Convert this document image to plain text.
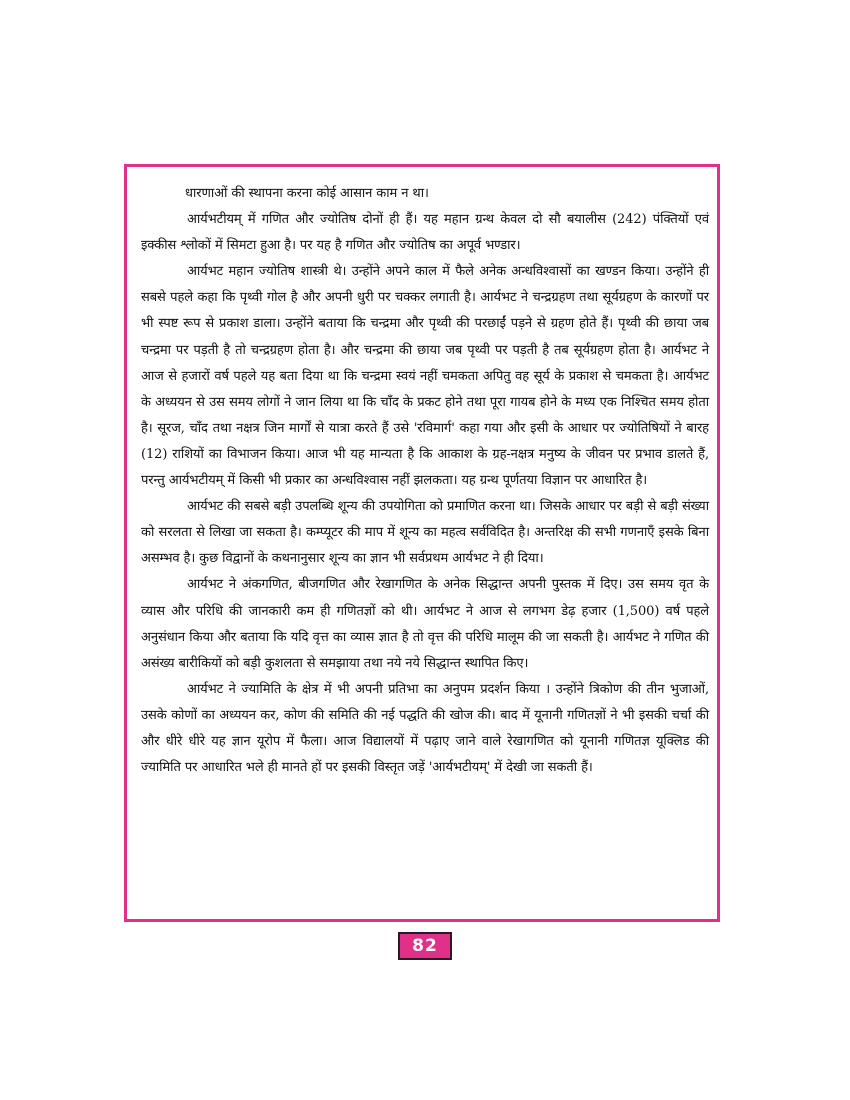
धारणाओं की स्थापना करना कोई आसान काम न था।

आर्यभटीयम् में गणित और ज्योतिष दोनों ही हैं। यह महान ग्रन्थ केवल दो सौ बयालीस (242) पंक्तियों एवं इक्कीस श्लोकों में सिमटा हुआ है। पर यह है गणित और ज्योतिष का अपूर्व भण्डार।

आर्यभट महान ज्योतिष शास्त्री थे। उन्होंने अपने काल में फैले अनेक अन्धविश्वासों का खण्डन किया। उन्होंने ही सबसे पहले कहा कि पृथ्वी गोल है और अपनी धुरी पर चक्कर लगाती है। आर्यभट ने चन्द्रग्रहण तथा सूर्यग्रहण के कारणों पर भी स्पष्ट रूप से प्रकाश डाला। उन्होंने बताया कि चन्द्रमा और पृथ्वी की परछाईं पड़ने से ग्रहण होते हैं। पृथ्वी की छाया जब चन्द्रमा पर पड़ती है तो चन्द्रग्रहण होता है। और चन्द्रमा की छाया जब पृथ्वी पर पड़ती है तब सूर्यग्रहण होता है। आर्यभट ने आज से हजारों वर्ष पहले यह बता दिया था कि चन्द्रमा स्वयं नहीं चमकता अपितु वह सूर्य के प्रकाश से चमकता है। आर्यभट के अध्ययन से उस समय लोगों ने जान लिया था कि चाँद के प्रकट होने तथा पूरा गायब होने के मध्य एक निश्चित समय होता है। सूरज, चाँद तथा नक्षत्र जिन मार्गों से यात्रा करते हैं उसे 'रविमार्ग' कहा गया और इसी के आधार पर ज्योतिषियों ने बारह (12) राशियों का विभाजन किया। आज भी यह मान्यता है कि आकाश के ग्रह-नक्षत्र मनुष्य के जीवन पर प्रभाव डालते हैं, परन्तु आर्यभटीयम् में किसी भी प्रकार का अन्धविश्वास नहीं झलकता। यह ग्रन्थ पूर्णतया विज्ञान पर आधारित है।

आर्यभट की सबसे बड़ी उपलब्धि शून्य की उपयोगिता को प्रमाणित करना था। जिसके आधार पर बड़ी से बड़ी संख्या को सरलता से लिखा जा सकता है। कम्प्यूटर की माप में शून्य का महत्व सर्वविदित है। अन्तरिक्ष की सभी गणनाएँ इसके बिना असम्भव है। कुछ विद्वानों के कथनानुसार शून्य का ज्ञान भी सर्वप्रथम आर्यभट ने ही दिया।

आर्यभट ने अंकगणित, बीजगणित और रेखागणित के अनेक सिद्धान्त अपनी पुस्तक में दिए। उस समय वृत के व्यास और परिधि की जानकारी कम ही गणितज्ञों को थी। आर्यभट ने आज से लगभग डेढ़ हजार (1,500) वर्ष पहले अनुसंधान किया और बताया कि यदि वृत्त का व्यास ज्ञात है तो वृत्त की परिधि मालूम की जा सकती है। आर्यभट ने गणित की असंख्य बारीकियों को बड़ी कुशलता से समझाया तथा नये नये सिद्धान्त स्थापित किए।

आर्यभट ने ज्यामिति के क्षेत्र में भी अपनी प्रतिभा का अनुपम प्रदर्शन किया । उन्होंने त्रिकोण की तीन भुजाओं, उसके कोणों का अध्ययन कर, कोण की समिति की नई पद्धति की खोज की। बाद में यूनानी गणितज्ञों ने भी इसकी चर्चा की और धीरे धीरे यह ज्ञान यूरोप में फैला। आज विद्यालयों में पढ़ाए जाने वाले रेखागणित को यूनानी गणितज्ञ यूक्लिड की ज्यामिति पर आधारित भले ही मानते हों पर इसकी विस्तृत जड़ें 'आर्यभटीयम्' में देखी जा सकती हैं।

82
